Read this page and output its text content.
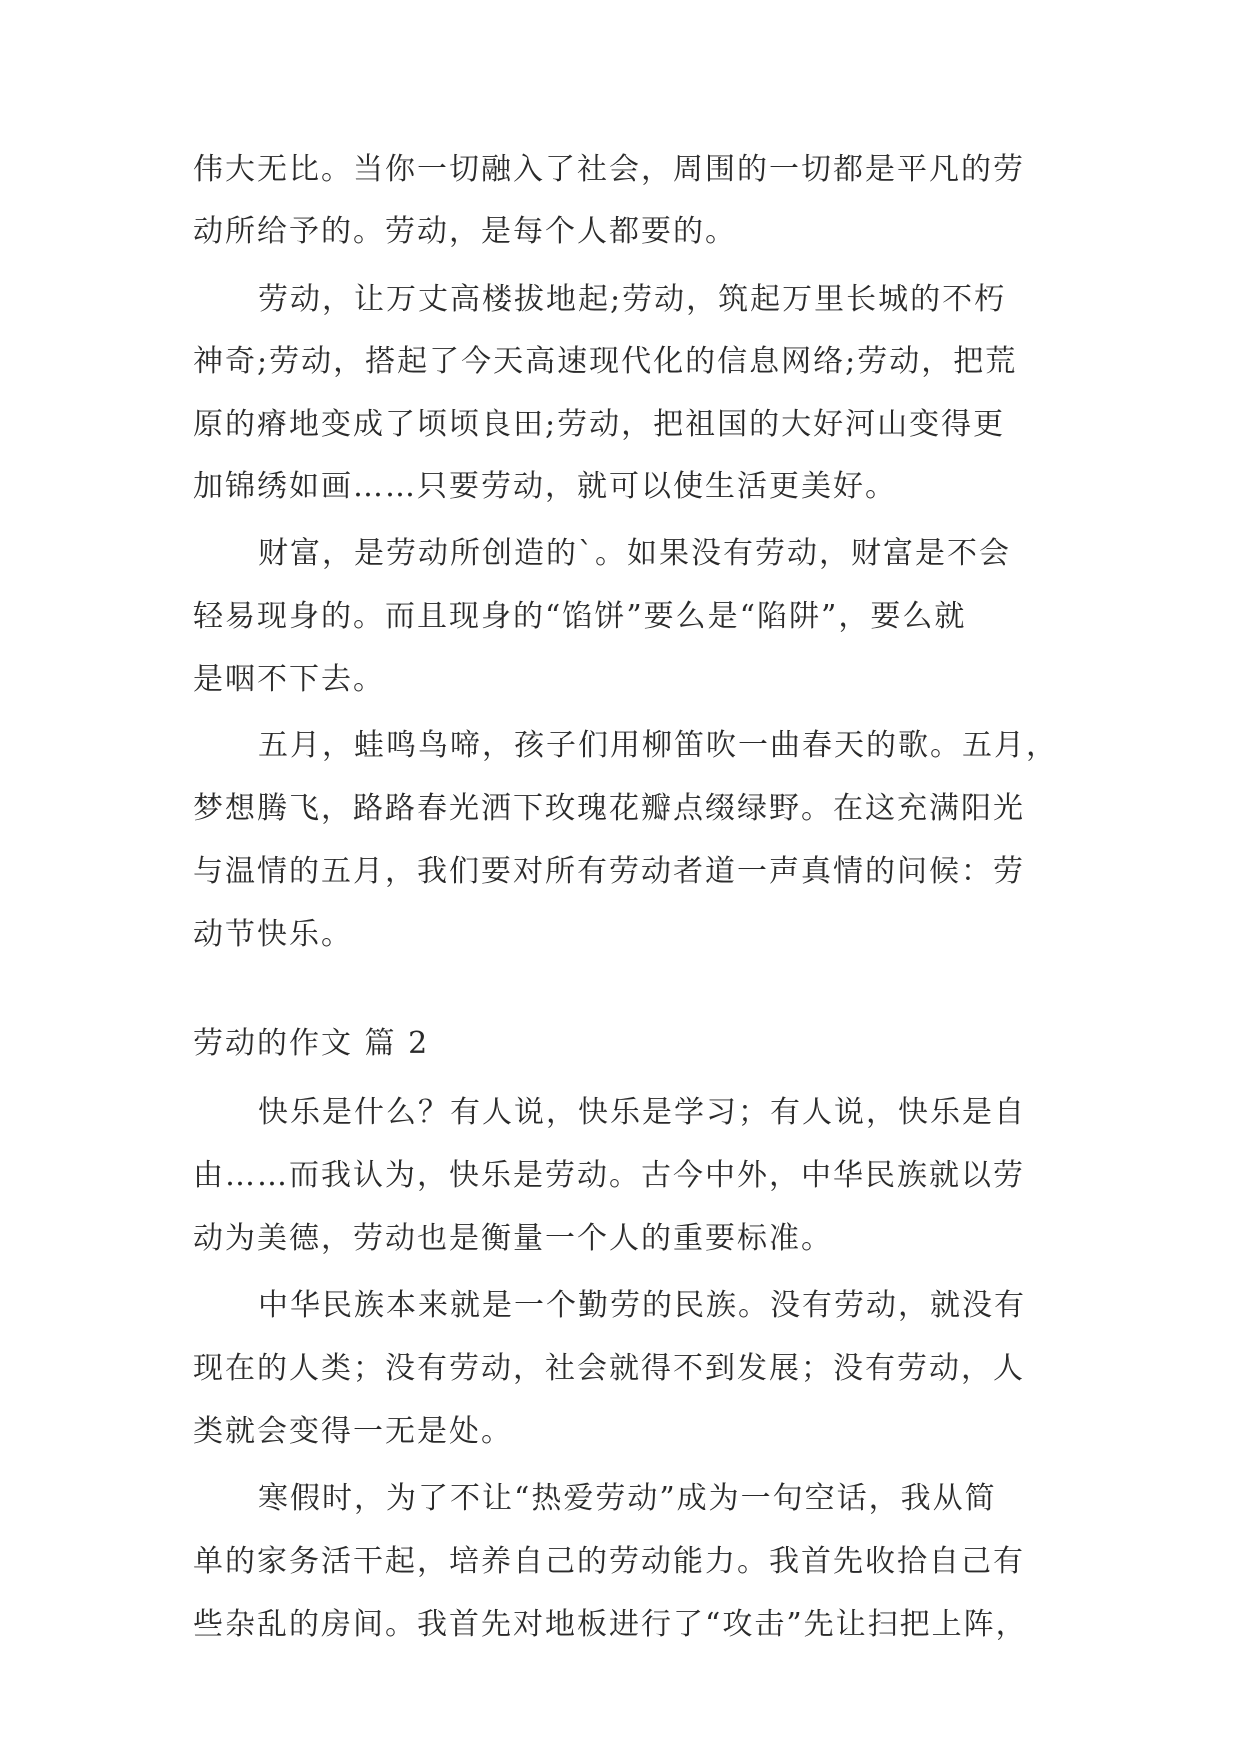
伟大无比。当你一切融入了社会，周围的一切都是平凡的劳
动所给予的。劳动，是每个人都要的。
劳动，让万丈高楼拔地起;劳动，筑起万里长城的不朽
神奇;劳动，搭起了今天高速现代化的信息网络;劳动，把荒
原的瘠地变成了顷顷良田;劳动，把祖国的大好河山变得更
加锦绣如画……只要劳动，就可以使生活更美好。
财富，是劳动所创造的`。如果没有劳动，财富是不会
轻易现身的。而且现身的“馅饼”要么是“陷阱”，要么就
是咽不下去。
五月，蛙鸣鸟啼，孩子们用柳笛吹一曲春天的歌。五月，
梦想腾飞，路路春光洒下玫瑰花瓣点缀绿野。在这充满阳光
与温情的五月，我们要对所有劳动者道一声真情的问候：劳
动节快乐。
劳动的作文 篇 2
快乐是什么？有人说，快乐是学习；有人说，快乐是自
由……而我认为，快乐是劳动。古今中外，中华民族就以劳
动为美德，劳动也是衡量一个人的重要标准。
中华民族本来就是一个勤劳的民族。没有劳动，就没有
现在的人类；没有劳动，社会就得不到发展；没有劳动，人
类就会变得一无是处。
寒假时，为了不让“热爱劳动”成为一句空话，我从简
单的家务活干起，培养自己的劳动能力。我首先收拾自己有
些杂乱的房间。我首先对地板进行了“攻击”先让扫把上阵，
